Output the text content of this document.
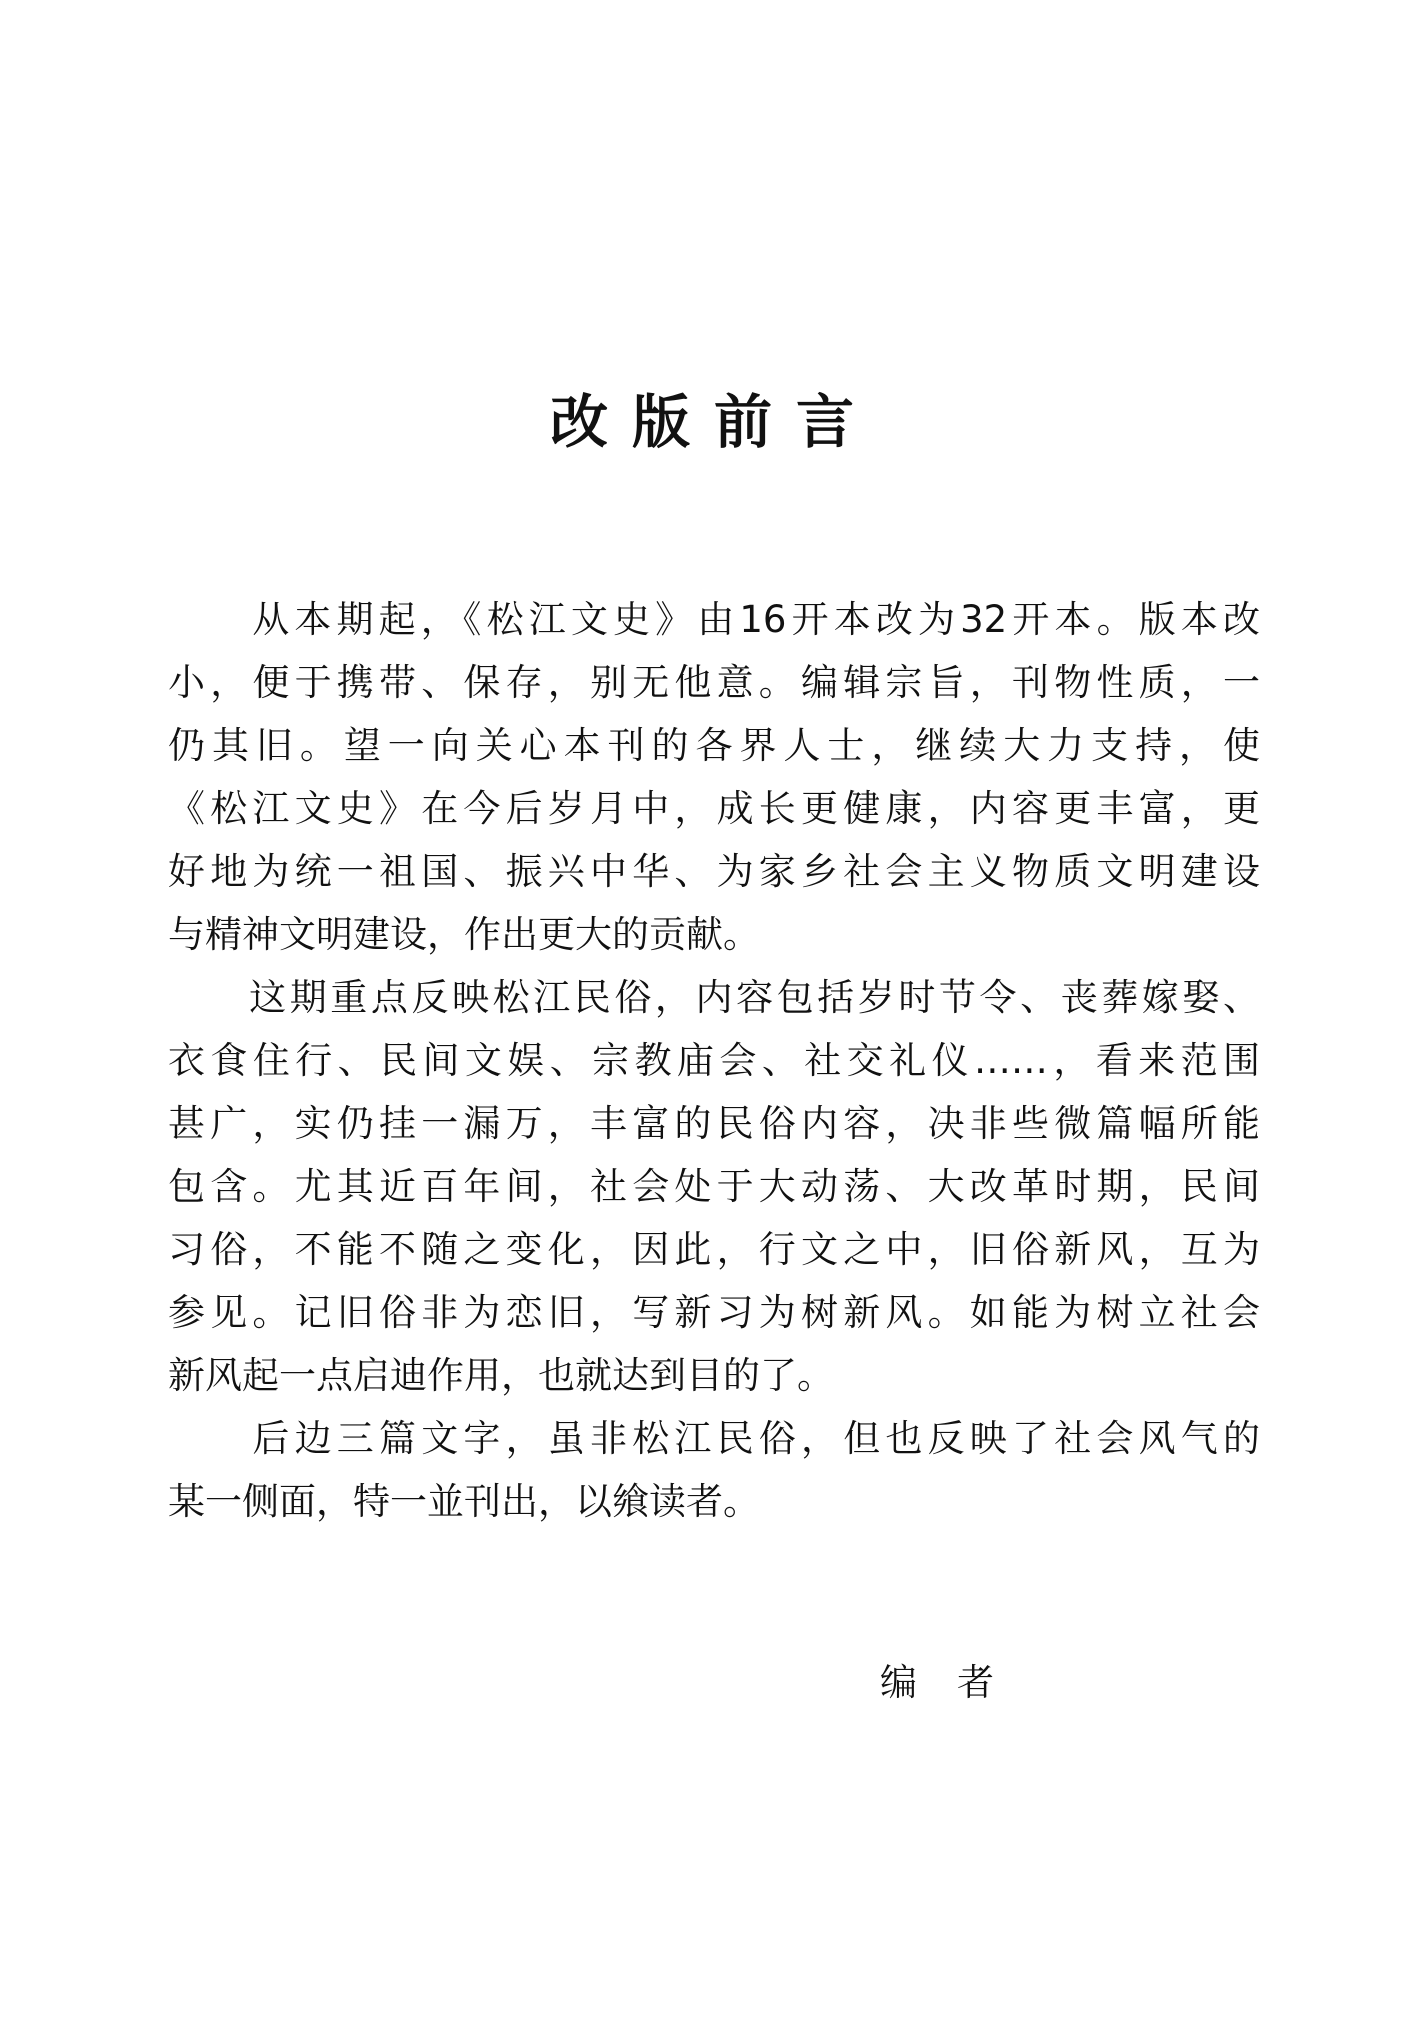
改版前言
　　从本期起，《松江文史》由16开本改为32开本。版本改
小，便于携带、保存，别无他意。编辑宗旨，刊物性质，一
仍其旧。望一向关心本刊的各界人士，继续大力支持，使
《松江文史》在今后岁月中，成长更健康，内容更丰富，更
好地为统一祖国、振兴中华、为家乡社会主义物质文明建设
与精神文明建设，作出更大的贡献。
　　这期重点反映松江民俗，内容包括岁时节令、丧葬嫁娶、
衣食住行、民间文娱、宗教庙会、社交礼仪……，看来范围
甚广，实仍挂一漏万，丰富的民俗内容，决非些微篇幅所能
包含。尤其近百年间，社会处于大动荡、大改革时期，民间
习俗，不能不随之变化，因此，行文之中，旧俗新风，互为
参见。记旧俗非为恋旧，写新习为树新风。如能为树立社会
新风起一点启迪作用，也就达到目的了。
　　后边三篇文字，虽非松江民俗，但也反映了社会风气的
某一侧面，特一並刊出，以飨读者。
编者
